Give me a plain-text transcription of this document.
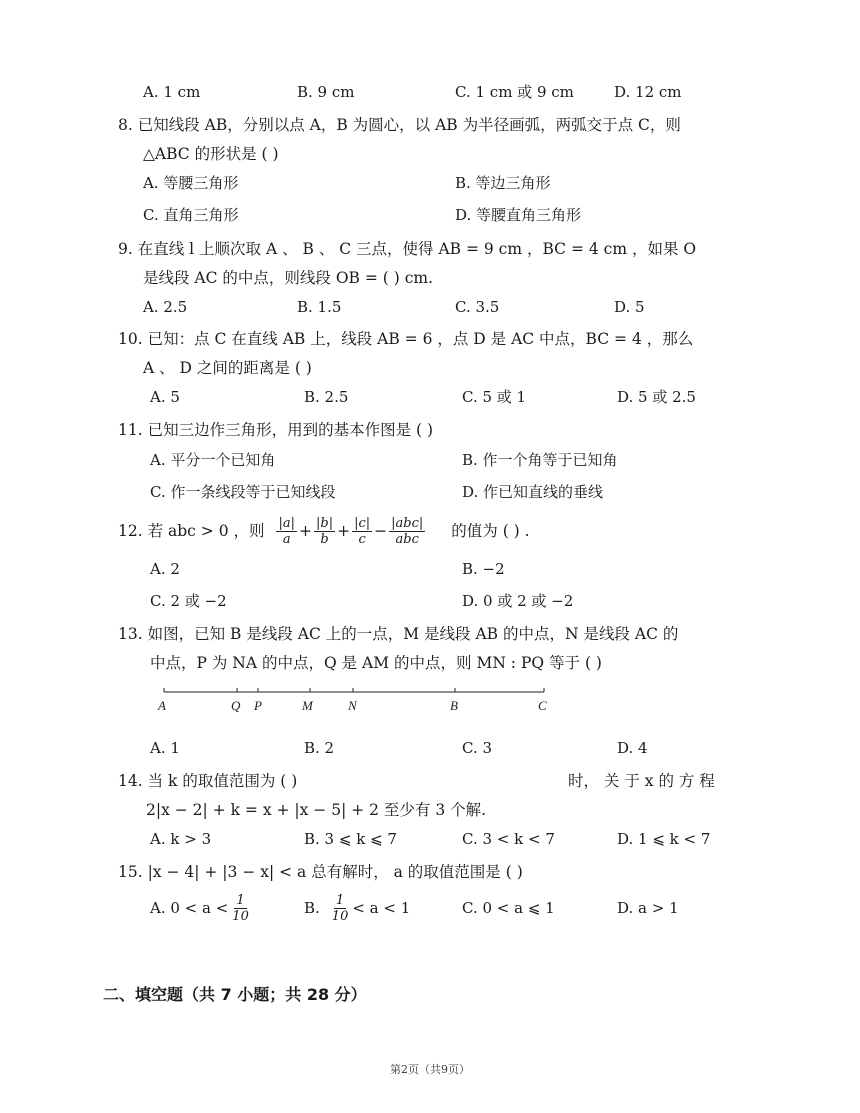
A. 1 cm	B. 9 cm	C. 1 cm 或 9 cm	D. 12 cm
8. 已知线段 AB，分别以点 A，B 为圆心，以 AB 为半径画弧，两弧交于点 C，则
△ABC 的形状是 ( )
A. 等腰三角形	B. 等边三角形
C. 直角三角形	D. 等腰直角三角形
9. 在直线 l 上顺次取 A 、 B 、 C 三点，使得 AB = 9 cm ，BC = 4 cm ，如果 O
是线段 AC 的中点，则线段 OB = ( ) cm.
A. 2.5	B. 1.5	C. 3.5	D. 5
10. 已知：点 C 在直线 AB 上，线段 AB = 6 ，点 D 是 AC 中点，BC = 4 ，那么
A 、 D 之间的距离是 ( )
A. 5	B. 2.5	C. 5 或 1	D. 5 或 2.5
11. 已知三边作三角形，用到的基本作图是 ( )
A. 平分一个已知角	B. 作一个角等于已知角
C. 作一条线段等于已知线段	D. 作已知直线的垂线
12. 若 abc > 0 ，则 $\frac{|a|}{a} + \frac{|b|}{b} + \frac{|c|}{c} - \frac{\text{|abc|}}{\text{abc}}$ 的值为 ( ) .
A. 2	B. −2
C. 2 或 −2	D. 0 或 2 或 −2
13. 如图，已知 B 是线段 AC 上的一点，M 是线段 AB 的中点，N 是线段 AC 的
中点，P 为 NA 的中点，Q 是 AM 的中点，则 MN : PQ 等于 ( )
A	Q P	M	N	B	C
A. 1	B. 2	C. 3	D. 4
14. 当 k 的取值范围为 ( )	时， 关 于 x 的 方 程
2|x − 2| + k = x + |x − 5| + 2 至少有 3 个解.
A. k > 3	B. 3 ⩽ k ⩽ 7	C. 3 < k < 7	D. 1 ⩽ k < 7
15. |x − 4| + |3 − x| < a 总有解时， a 的取值范围是 ( )
A. $0 < a < \frac{1}{10}$	B. $\frac{1}{10} < a < 1$	C. 0 < a ⩽ 1	D. a > 1
二、填空题（共 7 小题；共 28 分）
第2页（共9页）
